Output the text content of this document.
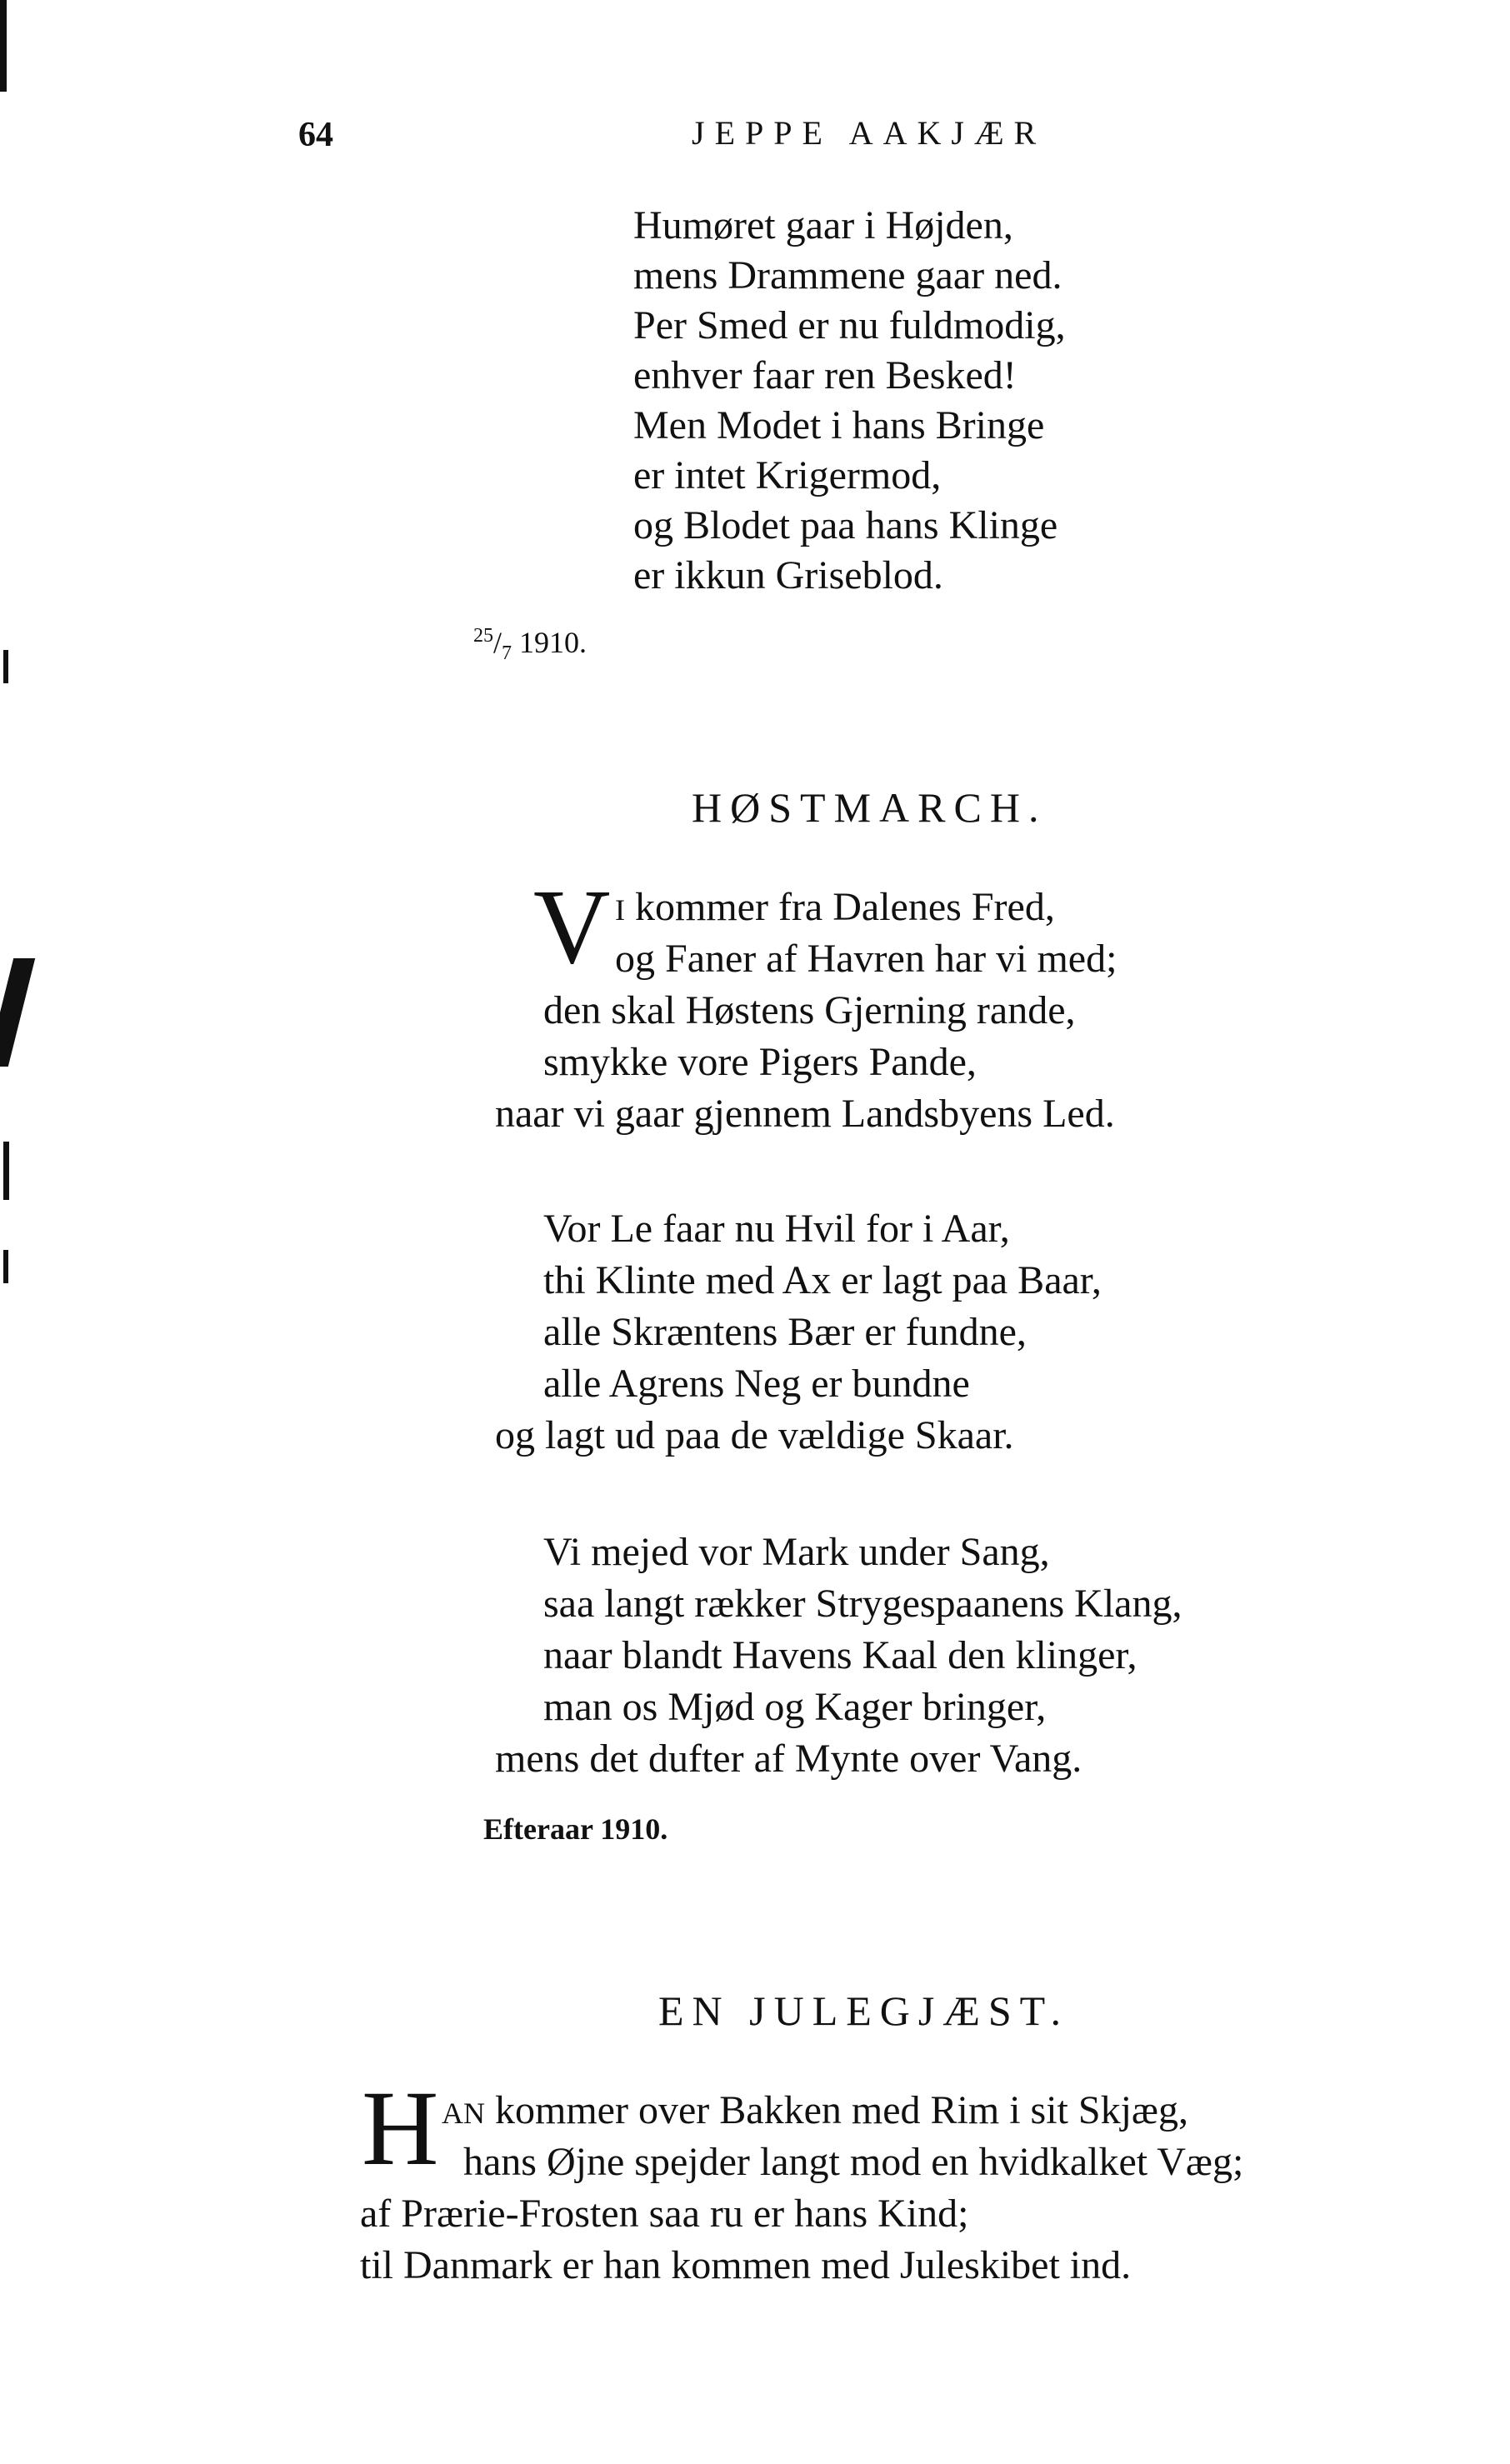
64	JEPPE AAKJÆR
Humøret gaar i Højden,
mens Drammene gaar ned.
Per Smed er nu fuldmodig,
enhver faar ren Besked!
Men Modet i hans Bringe
er intet Krigermod,
og Blodet paa hans Klinge
er ikkun Griseblod.
$^{25}/_7$ 1910.
HØSTMARCH.
V I kommer fra Dalenes Fred,
og Faner af Havren har vi med;
den skal Høstens Gjerning rande,
smykke vore Pigers Pande,
naar vi gaar gjennem Landsbyens Led.
Vor Le faar nu Hvil for i Aar,
thi Klinte med Ax er lagt paa Baar,
alle Skræntens Bær er fundne,
alle Agrens Neg er bundne
og lagt ud paa de vældige Skaar.
Vi mejed vor Mark under Sang,
saa langt rækker Strygespaanens Klang,
naar blandt Havens Kaal den klinger,
man os Mjød og Kager bringer,
mens det dufter af Mynte over Vang.
Efteraar 1910.
EN JULEGJÆST.
H AN kommer over Bakken med Rim i sit Skjæg,
hans Øjne spejder langt mod en hvidkalket Væg;
af Prærie-Frosten saa ru er hans Kind;
til Danmark er han kommen med Juleskibet ind.
